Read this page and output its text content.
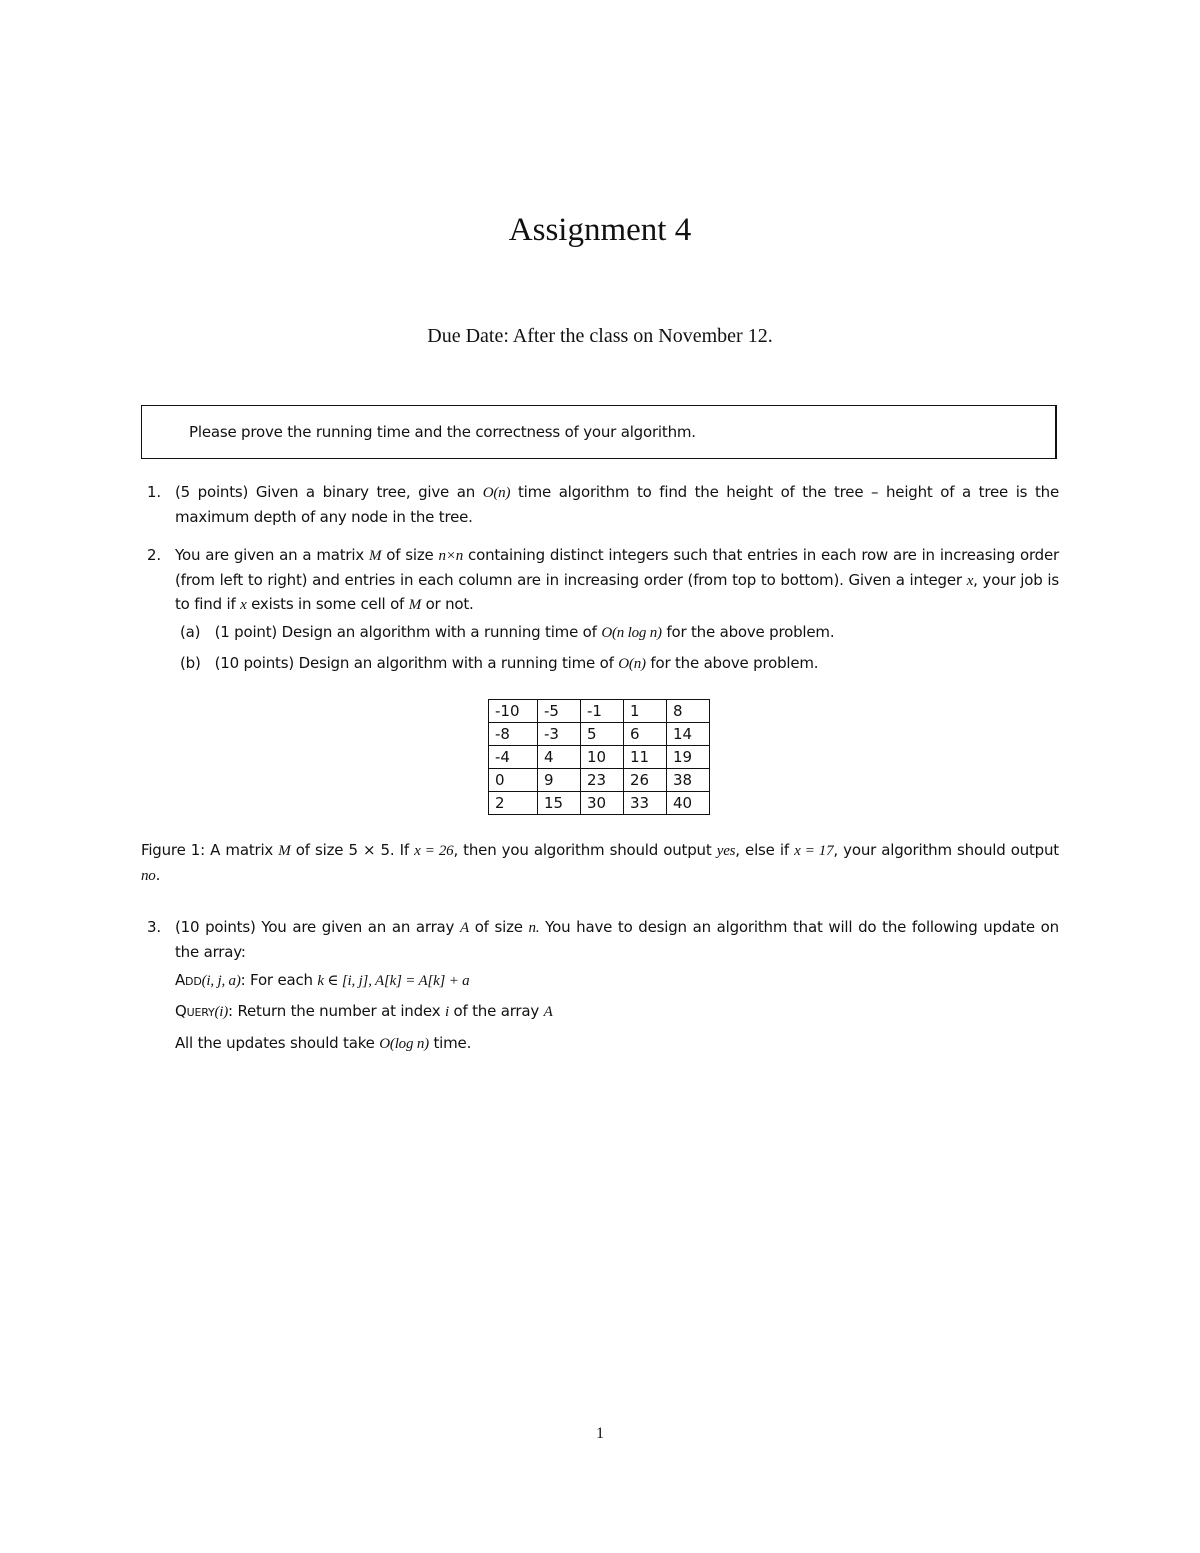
Assignment 4
Due Date: After the class on November 12.
Please prove the running time and the correctness of your algorithm.
1. (5 points) Given a binary tree, give an O(n) time algorithm to find the height of the tree – height of a tree is the maximum depth of any node in the tree.
2. You are given an a matrix M of size n×n containing distinct integers such that entries in each row are in increasing order (from left to right) and entries in each column are in increasing order (from top to bottom). Given a integer x, your job is to find if x exists in some cell of M or not.
(a) (1 point) Design an algorithm with a running time of O(n log n) for the above problem.
(b) (10 points) Design an algorithm with a running time of O(n) for the above problem.
-10	-5	-1	1	8
-8	-3	5	6	14
-4	4	10	11	19
0	9	23	26	38
2	15	30	33	40
Figure 1: A matrix M of size 5 × 5. If x = 26, then you algorithm should output yes, else if x = 17, your algorithm should output no.
3. (10 points) You are given an an array A of size n. You have to design an algorithm that will do the following update on the array:
Add(i, j, a): For each k ∈ [i, j], A[k] = A[k] + a
Query(i): Return the number at index i of the array A
All the updates should take O(log n) time.
1
